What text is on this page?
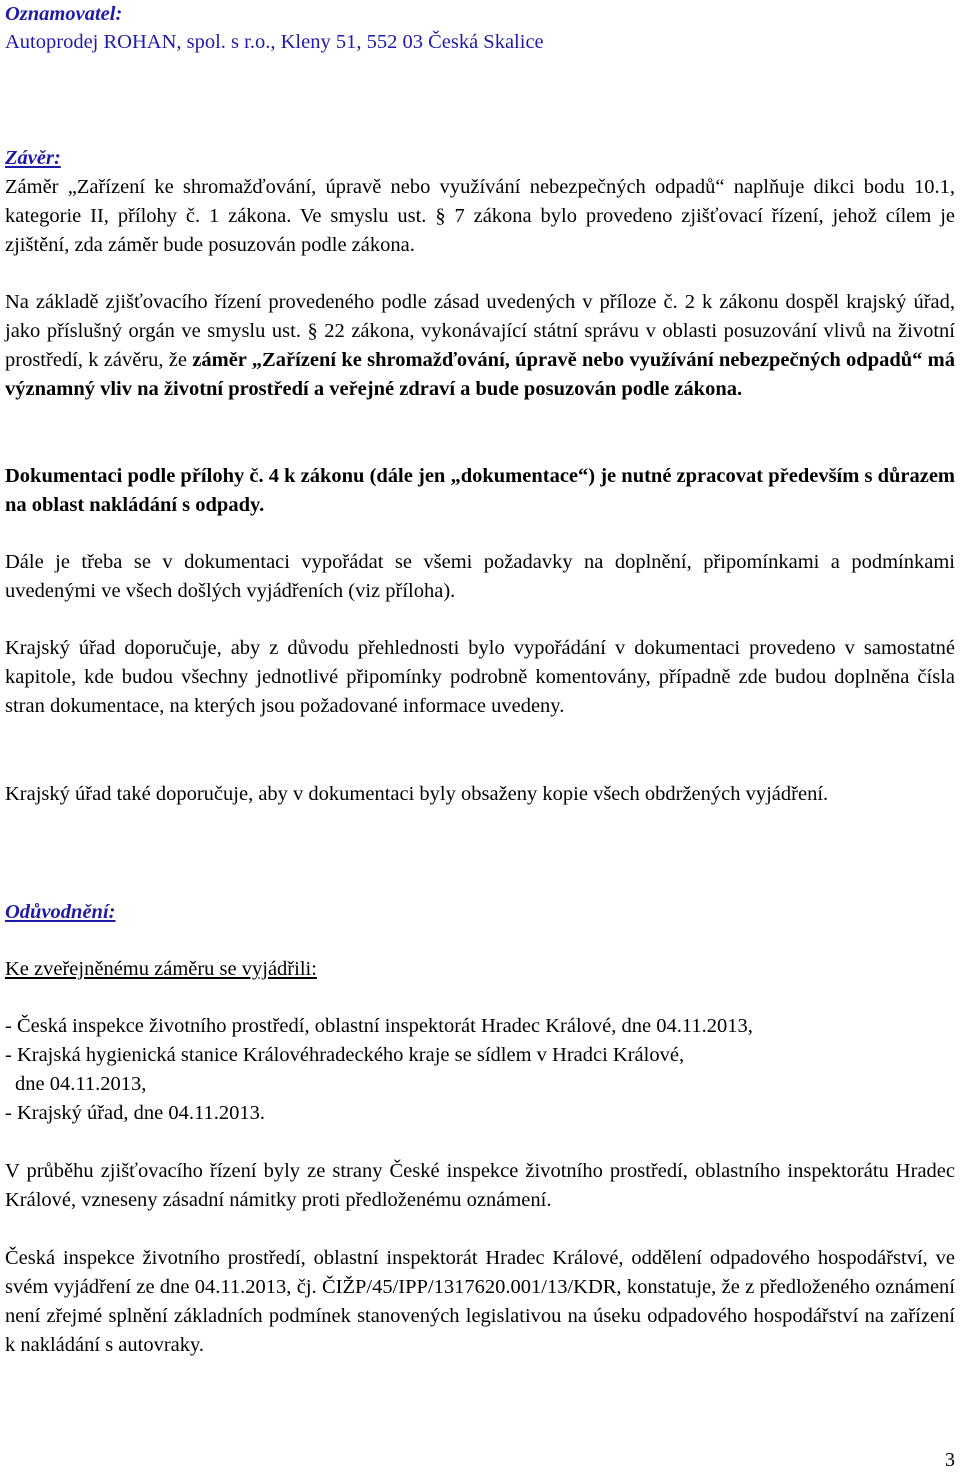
Oznamovatel:
Autoprodej ROHAN, spol. s r.o., Kleny 51, 552 03 Česká Skalice
Závěr:

Záměr „Zařízení ke shromažďování, úpravě nebo využívání nebezpečných odpadů“ naplňuje dikci bodu 10.1, kategorie II, přílohy č. 1 zákona. Ve smyslu ust. § 7 zákona bylo provedeno zjišťovací řízení, jehož cílem je zjištění, zda záměr bude posuzován podle zákona.

Na základě zjišťovacího řízení provedeného podle zásad uvedených v příloze č. 2 k zákonu dospěl krajský úřad, jako příslušný orgán ve smyslu ust. § 22 zákona, vykonávající státní správu v oblasti posuzování vlivů na životní prostředí, k závěru, že záměr „Zařízení ke shromažďování, úpravě nebo využívání nebezpečných odpadů“ má významný vliv na životní prostředí a veřejné zdraví a bude posuzován podle zákona.

Dokumentaci podle přílohy č. 4 k zákonu (dále jen „dokumentace“) je nutné zpracovat především s důrazem na oblast nakládání s odpady.

Dále je třeba se v dokumentaci vypořádat se všemi požadavky na doplnění, připomínkami a podmínkami uvedenými ve všech došlých vyjádřeních (viz příloha).

Krajský úřad doporučuje, aby z důvodu přehlednosti bylo vypořádání v dokumentaci provedeno v samostatné kapitole, kde budou všechny jednotlivé připomínky podrobně komentovány, případně zde budou doplněna čísla stran dokumentace, na kterých jsou požadované informace uvedeny.

Krajský úřad také doporučuje, aby v dokumentaci byly obsaženy kopie všech obdržených vyjádření.

Odůvodnění:
Ke zveřejněnému záměru se vyjádřili:
- Česká inspekce životního prostředí, oblastní inspektorát Hradec Králové, dne 04.11.2013,
- Krajská hygienická stanice Královéhradeckého kraje se sídlem v Hradci Králové,
dne 04.11.2013,
- Krajský úřad, dne 04.11.2013.

V průběhu zjišťovacího řízení byly ze strany České inspekce životního prostředí, oblastního inspektorátu Hradec Králové, vzneseny zásadní námitky proti předloženému oznámení.

Česká inspekce životního prostředí, oblastní inspektorát Hradec Králové, oddělení odpadového hospodářství, ve svém vyjádření ze dne 04.11.2013, čj. ČIŽP/45/IPP/1317620.001/13/KDR, konstatuje, že z předloženého oznámení není zřejmé splnění základních podmínek stanovených legislativou na úseku odpadového hospodářství na zařízení k nakládání s autovraky.

3
